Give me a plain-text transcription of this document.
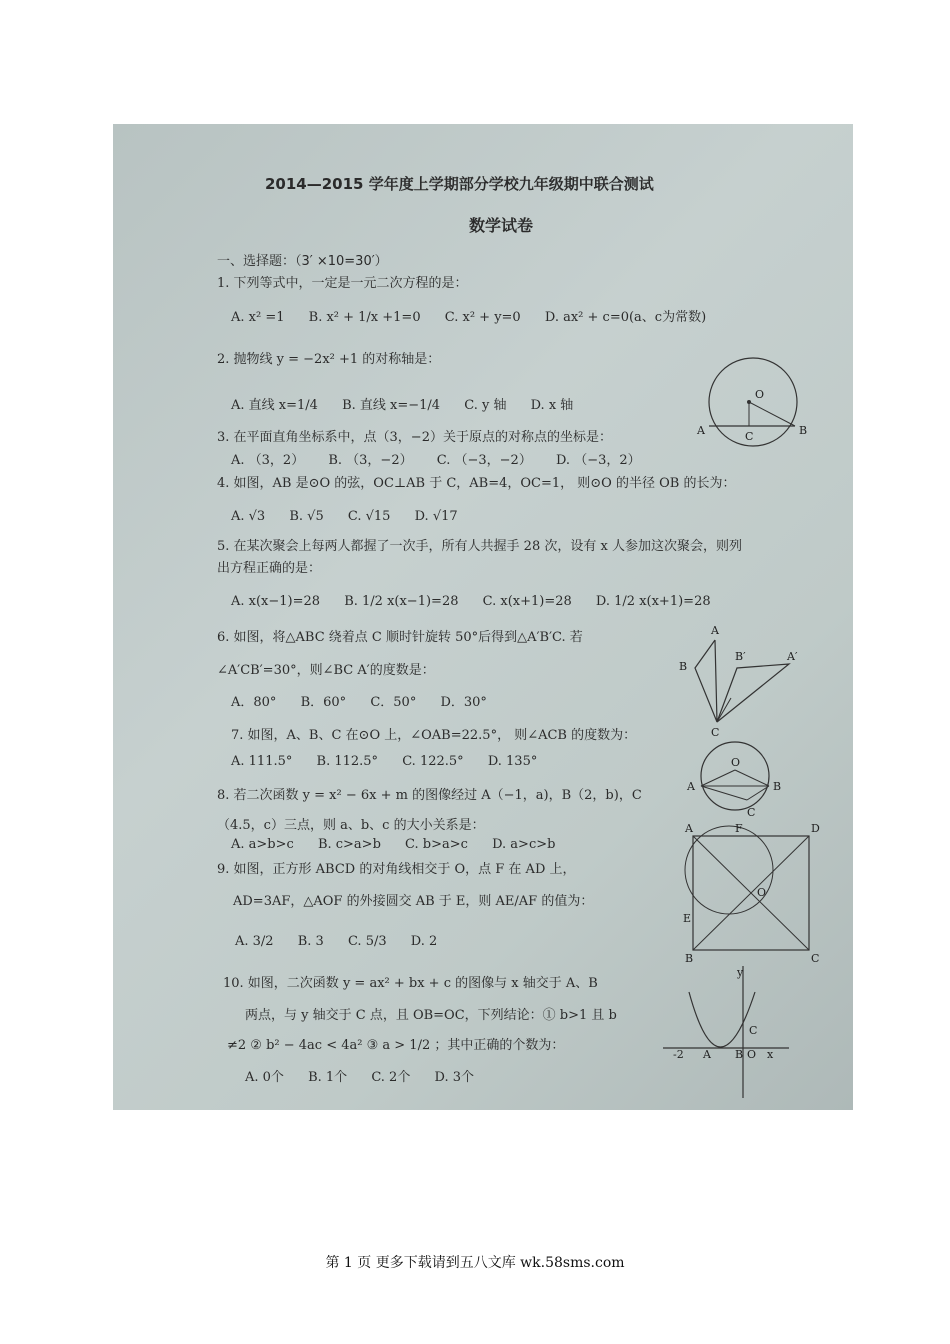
2014—2015 学年度上学期部分学校九年级期中联合测试
数学试卷
一、选择题：（3′ ×10=30′）
1. 下列等式中，一定是一元二次方程的是：
A. x² =1 B. x² + 1/x +1=0 C. x² + y=0 D. ax² + c=0(a、c为常数)
2. 抛物线 y = −2x² +1 的对称轴是：
A. 直线 x=1/4 B. 直线 x=−1/4 C. y 轴 D. x 轴
3. 在平面直角坐标系中，点（3，−2）关于原点的对称点的坐标是：
A. （3，2） B. （3，−2） C. （−3，−2） D. （−3，2）
4. 如图，AB 是⊙O 的弦，OC⊥AB 于 C，AB=4，OC=1， 则⊙O 的半径 OB 的长为：
A. √3 B. √5 C. √15 D. √17
5. 在某次聚会上每两人都握了一次手，所有人共握手 28 次，设有 x 人参加这次聚会，则列
出方程正确的是：
A. x(x−1)=28 B. 1/2 x(x−1)=28 C. x(x+1)=28 D. 1/2 x(x+1)=28
6. 如图，将△ABC 绕着点 C 顺时针旋转 50°后得到△A′B′C. 若
∠A′CB′=30°，则∠BC A′的度数是：
A．80° B．60° C．50° D．30°
7. 如图，A、B、C 在⊙O 上，∠OAB=22.5°， 则∠ACB 的度数为：
A. 111.5° B. 112.5° C. 122.5° D. 135°
8. 若二次函数 y = x² − 6x + m 的图像经过 A（−1，a)，B（2，b)，C
（4.5，c）三点，则 a、b、c 的大小关系是：
A. a>b>c B. c>a>b C. b>a>c D. a>c>b
9. 如图，正方形 ABCD 的对角线相交于 O，点 F 在 AD 上，
AD=3AF，△AOF 的外接圆交 AB 于 E，则 AE/AF 的值为：
A. 3/2 B. 3 C. 5/3 D. 2
10. 如图，二次函数 y = ax² + bx + c 的图像与 x 轴交于 A、B
两点，与 y 轴交于 C 点，且 OB=OC，下列结论：① b>1 且 b
≠2 ② b² − 4ac < 4a² ③ a > 1/2 ；其中正确的个数为：
A. 0个 B. 1个 C. 2个 D. 3个
A	B
C
O
A
B
C
B′	A′
A	B
C
O
A	F	D
E
O
B	C
y
x
C
B O
A
-2
第 1 页 更多下载请到五八文库 wk.58sms.com
